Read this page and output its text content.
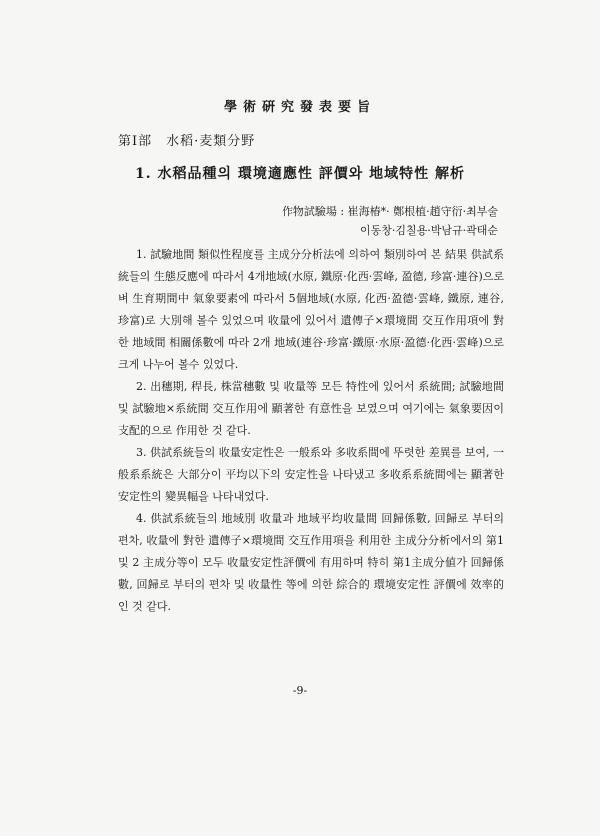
學術硏究發表要旨
第Ⅰ部　水稻·麦類分野
1. 水稻品種의 環境適應性 評價와 地域特性 解析
作物試驗場 : 崔海椿*· 鄭根植·趙守衍·최부술
이동창·김칠용·박남규·곽태순

1. 試驗地間 類似性程度를 主成分分析法에 의하여 類別하여 본 結果 供試系統들의 生態反應에 따라서 4개地域(水原, 鐵原·化西·雲峰, 盈德, 珍富·連谷)으로 벼 生育期間中 氣象要素에 따라서 5個地域(水原, 化西·盈德·雲峰, 鐵原, 連谷, 珍富)로 大別해 볼수 있었으며 收量에 있어서 遺傳子×環境間 交互作用項에 對한 地域間 相關係數에 따라 2개 地域(連谷·珍富·鐵原·水原·盈德·化西·雲峰)으로 크게 나누어 볼수 있었다.

2. 出穗期, 稈長, 株當穗數 및 收量等 모든 特性에 있어서 系統間; 試驗地間 및 試驗地×系統間 交互作用에 顯著한 有意性을 보였으며 여기에는 氣象要因이 支配的으로 作用한 것 같다.

3. 供試系統들의 收量安定性은 一般系와 多收系間에 뚜렷한 差異를 보여, 一般系系統은 大部分이 平均以下의 安定性을 나타냈고 多收系系統間에는 顯著한 安定性의 變異幅을 나타내었다.

4. 供試系統들의 地域別 收量과 地域平均收量間 回歸係數, 回歸로 부터의 편차, 收量에 對한 遺傳子×環境間 交互作用項을 利用한 主成分分析에서의 第1 및 2 主成分等이 모두 收量安定性評價에 有用하며 特히 第1主成分値가 回歸係數, 回歸로 부터의 편차 및 收量性 等에 의한 綜合的 環境安定性 評價에 效率的인 것 같다.

-9-
